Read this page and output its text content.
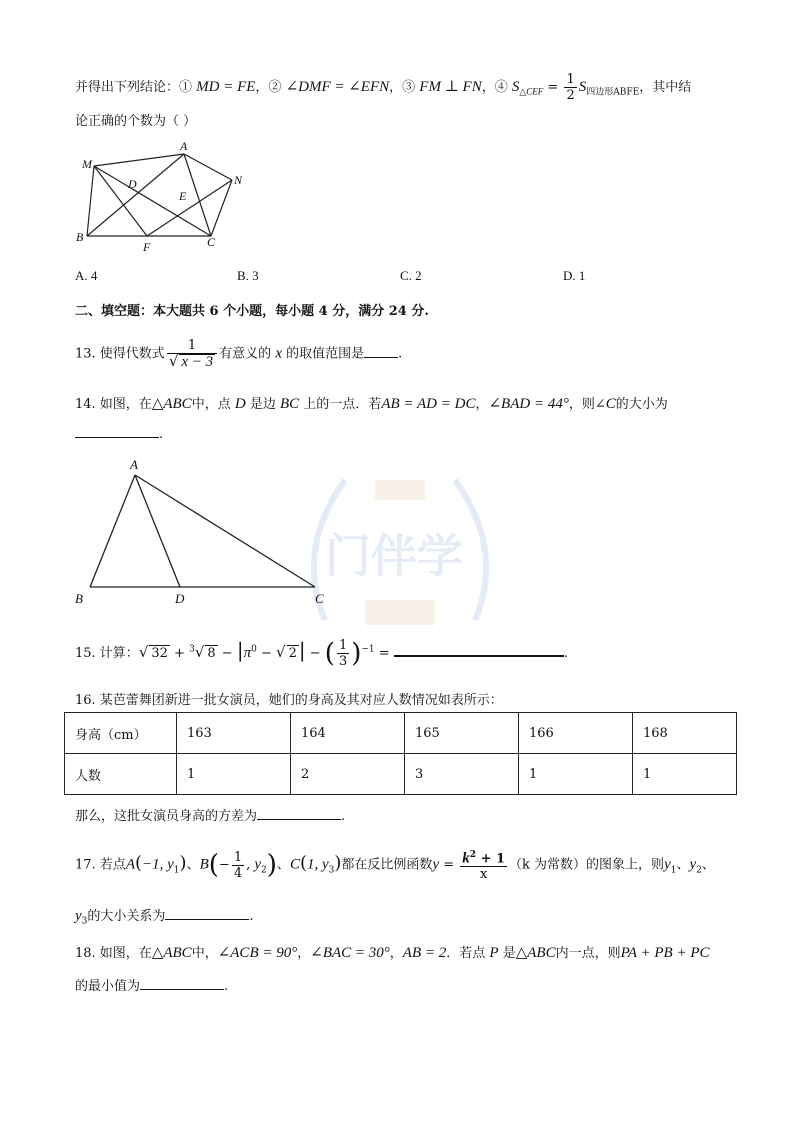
门伴学
并得出下列结论：① MD = FE，② ∠DMF = ∠EFN，③ FM ⊥ FN，④ $S_{\triangle CEF} = \frac{1}{2} S_{四边形ABFE}$，其中结
论正确的个数为（ ）
M
A
N
D
E
B
F	C
A. 4	B. 3	C. 2	D. 1
二、填空题：本大题共 6 个小题，每小题 4 分，满分 24 分.
13. 使得代数式 $\frac{1}{√ x - 3}$ 有意义的 x 的取值范围是	.
14. 如图，在△ABC中，点 D 是边 BC 上的一点．若AB = AD = DC，∠BAD = 44°，则∠C的大小为
.
A
B	D	C
15. 计算：√ 32 + $^3$√ $8 - |\pi^0$ − √ 2 | − ( $\frac{1}{3} )^{-1}$ =	.
16. 某芭蕾舞团新进一批女演员，她们的身高及其对应人数情况如表所示：
身高（cm）	163	164	165	166	168
人数	1	2	3	1	1
那么，这批女演员身高的方差为	.
17. 若点A(−1, $y_1$)、$B(- \frac{1}{4}$ , $y_2$)、C(1, $y_3$)都在反比例函数$y = \frac{k^2 + 1}{x} (k$ 为常数）的图象上，则$y_1$、$y_2$、
$y_3$的大小关系为	.
18. 如图，在△ABC中，∠ACB = 90°，∠BAC = 30°，AB = 2．若点 P 是△ABC内一点，则PA + PB + PC
的最小值为	.
